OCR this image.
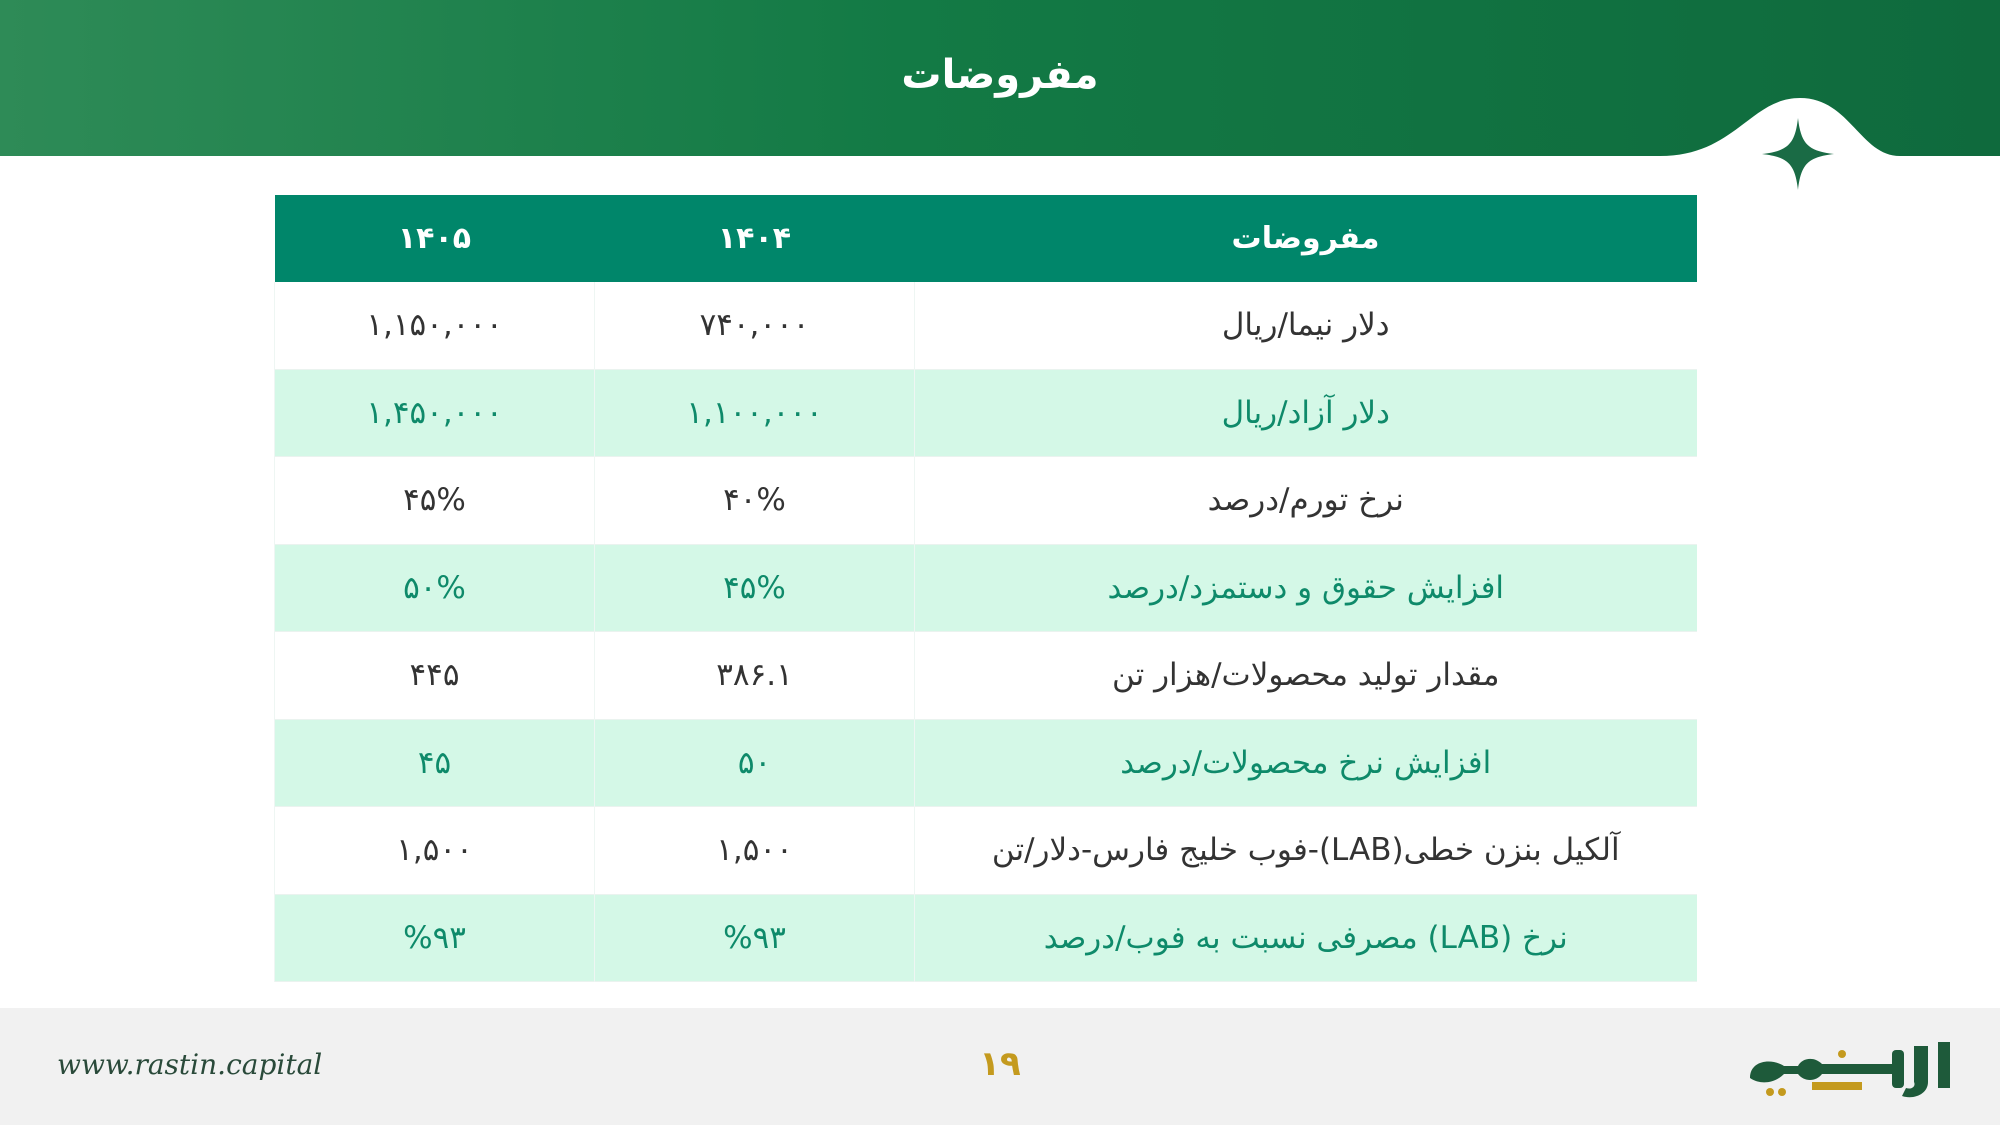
مفروضات
مفروضات	۱۴۰۴	۱۴۰۵
دلار نیما/ریال	۷۴۰,۰۰۰	۱,۱۵۰,۰۰۰
دلار آزاد/ریال	۱,۱۰۰,۰۰۰	۱,۴۵۰,۰۰۰
نرخ تورم/درصد	۴۰%	۴۵%
افزایش حقوق و دستمزد/درصد	۴۵%	۵۰%
مقدار تولید محصولات/هزار تن	۳۸۶.۱	۴۴۵
افزایش نرخ محصولات/درصد	۵۰	۴۵
آلکیل بنزن خطی(LAB)-فوب خلیج فارس-دلار/تن	۱,۵۰۰	۱,۵۰۰
نرخ (LAB) مصرفی نسبت به فوب/درصد	%۹۳	%۹۳
www.rastin.capital	۱۹
